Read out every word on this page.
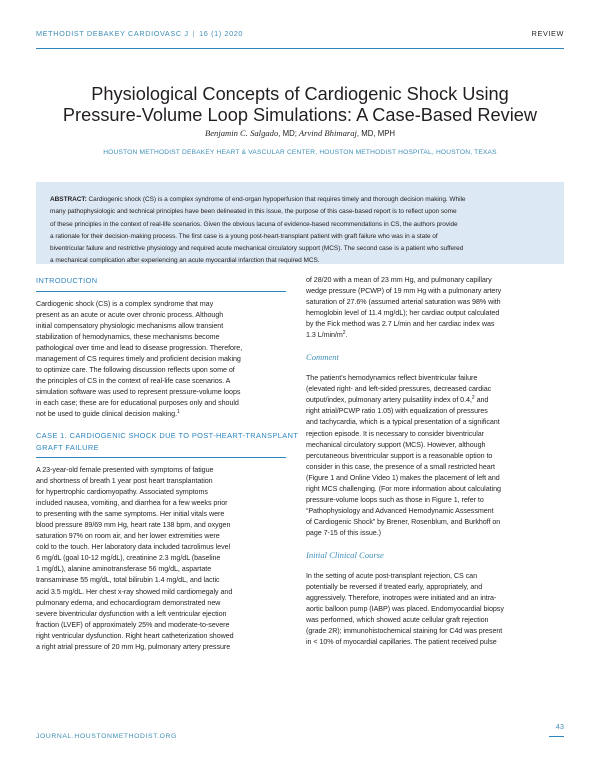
METHODIST DEBAKEY CARDIOVASC J | 16 (1) 2020	REVIEW
Physiological Concepts of Cardiogenic Shock Using
Pressure-Volume Loop Simulations: A Case-Based Review
Benjamin C. Salgado, MD; Arvind Bhimaraj, MD, MPH
HOUSTON METHODIST DEBAKEY HEART & VASCULAR CENTER, HOUSTON METHODIST HOSPITAL, HOUSTON, TEXAS
ABSTRACT: Cardiogenic shock (CS) is a complex syndrome of end-organ hypoperfusion that requires timely and thorough decision making. While
many pathophysiologic and technical principles have been delineated in this issue, the purpose of this case-based report is to reflect upon some
of these principles in the context of real-life scenarios. Given the obvious lacuna of evidence-based recommendations in CS, the authors provide
a rationale for their decision-making process. The first case is a young post-heart-transplant patient with graft failure who was in a state of
biventricular failure and restrictive physiology and required acute mechanical circulatory support (MCS). The second case is a patient who suffered
a mechanical complication after experiencing an acute myocardial infarction that required MCS.
INTRODUCTION
Cardiogenic shock (CS) is a complex syndrome that may
present as an acute or acute over chronic process. Although
initial compensatory physiologic mechanisms allow transient
stabilization of hemodynamics, these mechanisms become
pathological over time and lead to disease progression. Therefore,
management of CS requires timely and proficient decision making
to optimize care. The following discussion reflects upon some of
the principles of CS in the context of real-life case scenarios. A
simulation software was used to represent pressure-volume loops
in each case; these are for educational purposes only and should
not be used to guide clinical decision making.$^1$
CASE 1. CARDIOGENIC SHOCK DUE TO POST-HEART-TRANSPLANT
GRAFT FAILURE
A 23-year-old female presented with symptoms of fatigue
and shortness of breath 1 year post heart transplantation
for hypertrophic cardiomyopathy. Associated symptoms
included nausea, vomiting, and diarrhea for a few weeks prior
to presenting with the same symptoms. Her initial vitals were
blood pressure 89/69 mm Hg, heart rate 138 bpm, and oxygen
saturation 97% on room air, and her lower extremities were
cold to the touch. Her laboratory data included tacrolimus level
6 mg/dL (goal 10-12 mg/dL), creatinine 2.3 mg/dL (baseline
1 mg/dL), alanine aminotransferase 56 mg/dL, aspartate
transaminase 55 mg/dL, total bilirubin 1.4 mg/dL, and lactic
acid 3.5 mg/dL. Her chest x-ray showed mild cardiomegaly and
pulmonary edema, and echocardiogram demonstrated new
severe biventricular dysfunction with a left ventricular ejection
fraction (LVEF) of approximately 25% and moderate-to-severe
right ventricular dysfunction. Right heart catheterization showed
a right atrial pressure of 20 mm Hg, pulmonary artery pressure
of 28/20 with a mean of 23 mm Hg, and pulmonary capillary
wedge pressure (PCWP) of 19 mm Hg with a pulmonary artery
saturation of 27.6% (assumed arterial saturation was 98% with
hemoglobin level of 11.4 mg/dL); her cardiac output calculated
by the Fick method was 2.7 L/min and her cardiac index was
1.3 $L/\min/m^2$.
Comment
The patient’s hemodynamics reflect biventricular failure
(elevated right- and left-sided pressures, decreased cardiac
output/index, pulmonary artery pulsatility index of 0.4,$^2$ and
right atrial/PCWP ratio 1.05) with equalization of pressures
and tachycardia, which is a typical presentation of a significant
rejection episode. It is necessary to consider biventricular
mechanical circulatory support (MCS). However, although
percutaneous biventricular support is a reasonable option to
consider in this case, the presence of a small restricted heart
(Figure 1 and Online Video 1) makes the placement of left and
right MCS challenging. (For more information about calculating
pressure-volume loops such as those in Figure 1, refer to
“Pathophysiology and Advanced Hemodynamic Assessment
of Cardiogenic Shock” by Brener, Rosenblum, and Burkhoff on
page 7-15 of this issue.)
Initial Clinical Course
In the setting of acute post-transplant rejection, CS can
potentially be reversed if treated early, appropriately, and
aggressively. Therefore, inotropes were initiated and an intra-
aortic balloon pump (IABP) was placed. Endomyocardial biopsy
was performed, which showed acute cellular graft rejection
(grade 2R); immunohistochemical staining for C4d was present
in < 10% of myocardial capillaries. The patient received pulse
JOURNAL.HOUSTONMETHODIST.ORG
43
